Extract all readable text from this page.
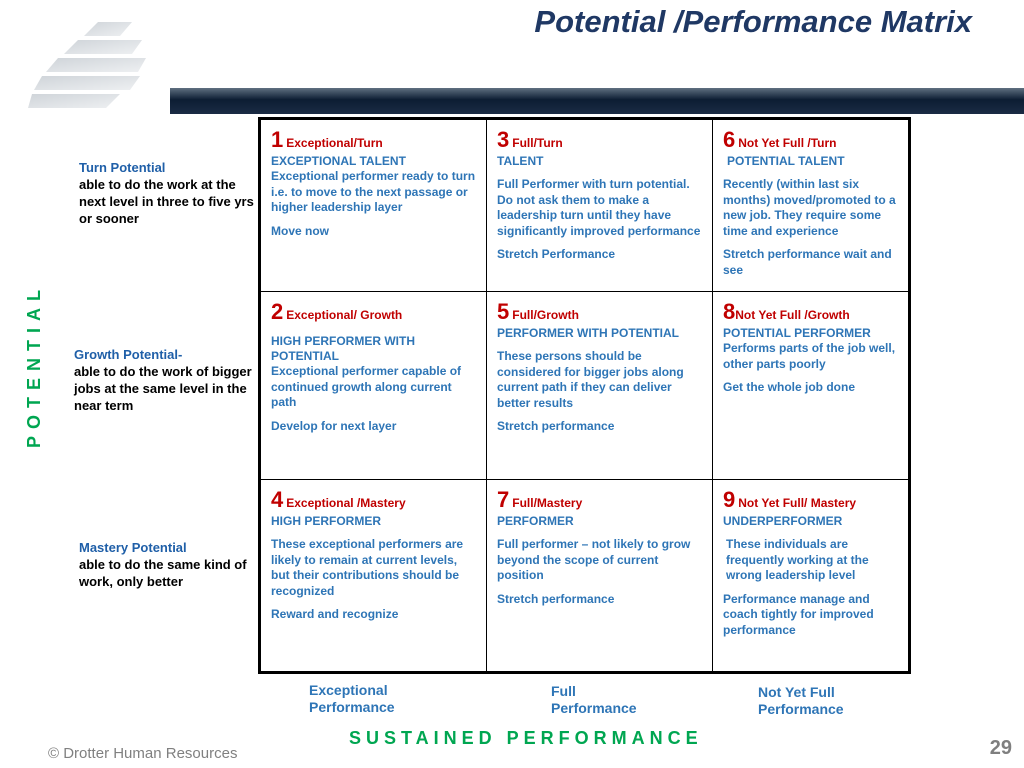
Potential /Performance Matrix
POTENTIAL
Turn Potential
able to do the work at the next level in three to five yrs or sooner
Growth Potential-
able to do the work of bigger jobs at the same level in the near term
Mastery Potential
able to do the same kind of work, only better
1 Exceptional/Turn
EXCEPTIONAL TALENT
Exceptional performer ready to turn i.e. to move to the next passage or higher leadership layer
Move now
3 Full/Turn
TALENT
Full Performer with turn potential. Do not ask them to make a leadership turn until they have significantly improved performance
Stretch Performance
6 Not Yet Full /Turn
POTENTIAL TALENT
Recently (within last six months) moved/promoted to a new job. They require some time and experience
Stretch performance wait and see
2 Exceptional/ Growth
HIGH PERFORMER WITH POTENTIAL
Exceptional performer capable of continued growth along current path
Develop for next layer
5 Full/Growth
PERFORMER WITH POTENTIAL
These persons should be considered for bigger jobs along current path if they can deliver better results
Stretch performance
8Not Yet Full /Growth
POTENTIAL PERFORMER
Performs parts of the job well, other parts poorly
Get the whole job done
4 Exceptional /Mastery
HIGH PERFORMER
These exceptional performers are likely to remain at current levels, but their contributions should be recognized
Reward and recognize
7 Full/Mastery
PERFORMER
Full performer – not likely to grow beyond the scope of current position
Stretch performance
9 Not Yet Full/ Mastery
UNDERPERFORMER
These individuals are frequently working at the wrong leadership level
Performance manage and coach tightly for improved performance
Exceptional
Performance
Full
Performance
Not Yet Full
Performance
SUSTAINED PERFORMANCE
© Drotter Human Resources	29
